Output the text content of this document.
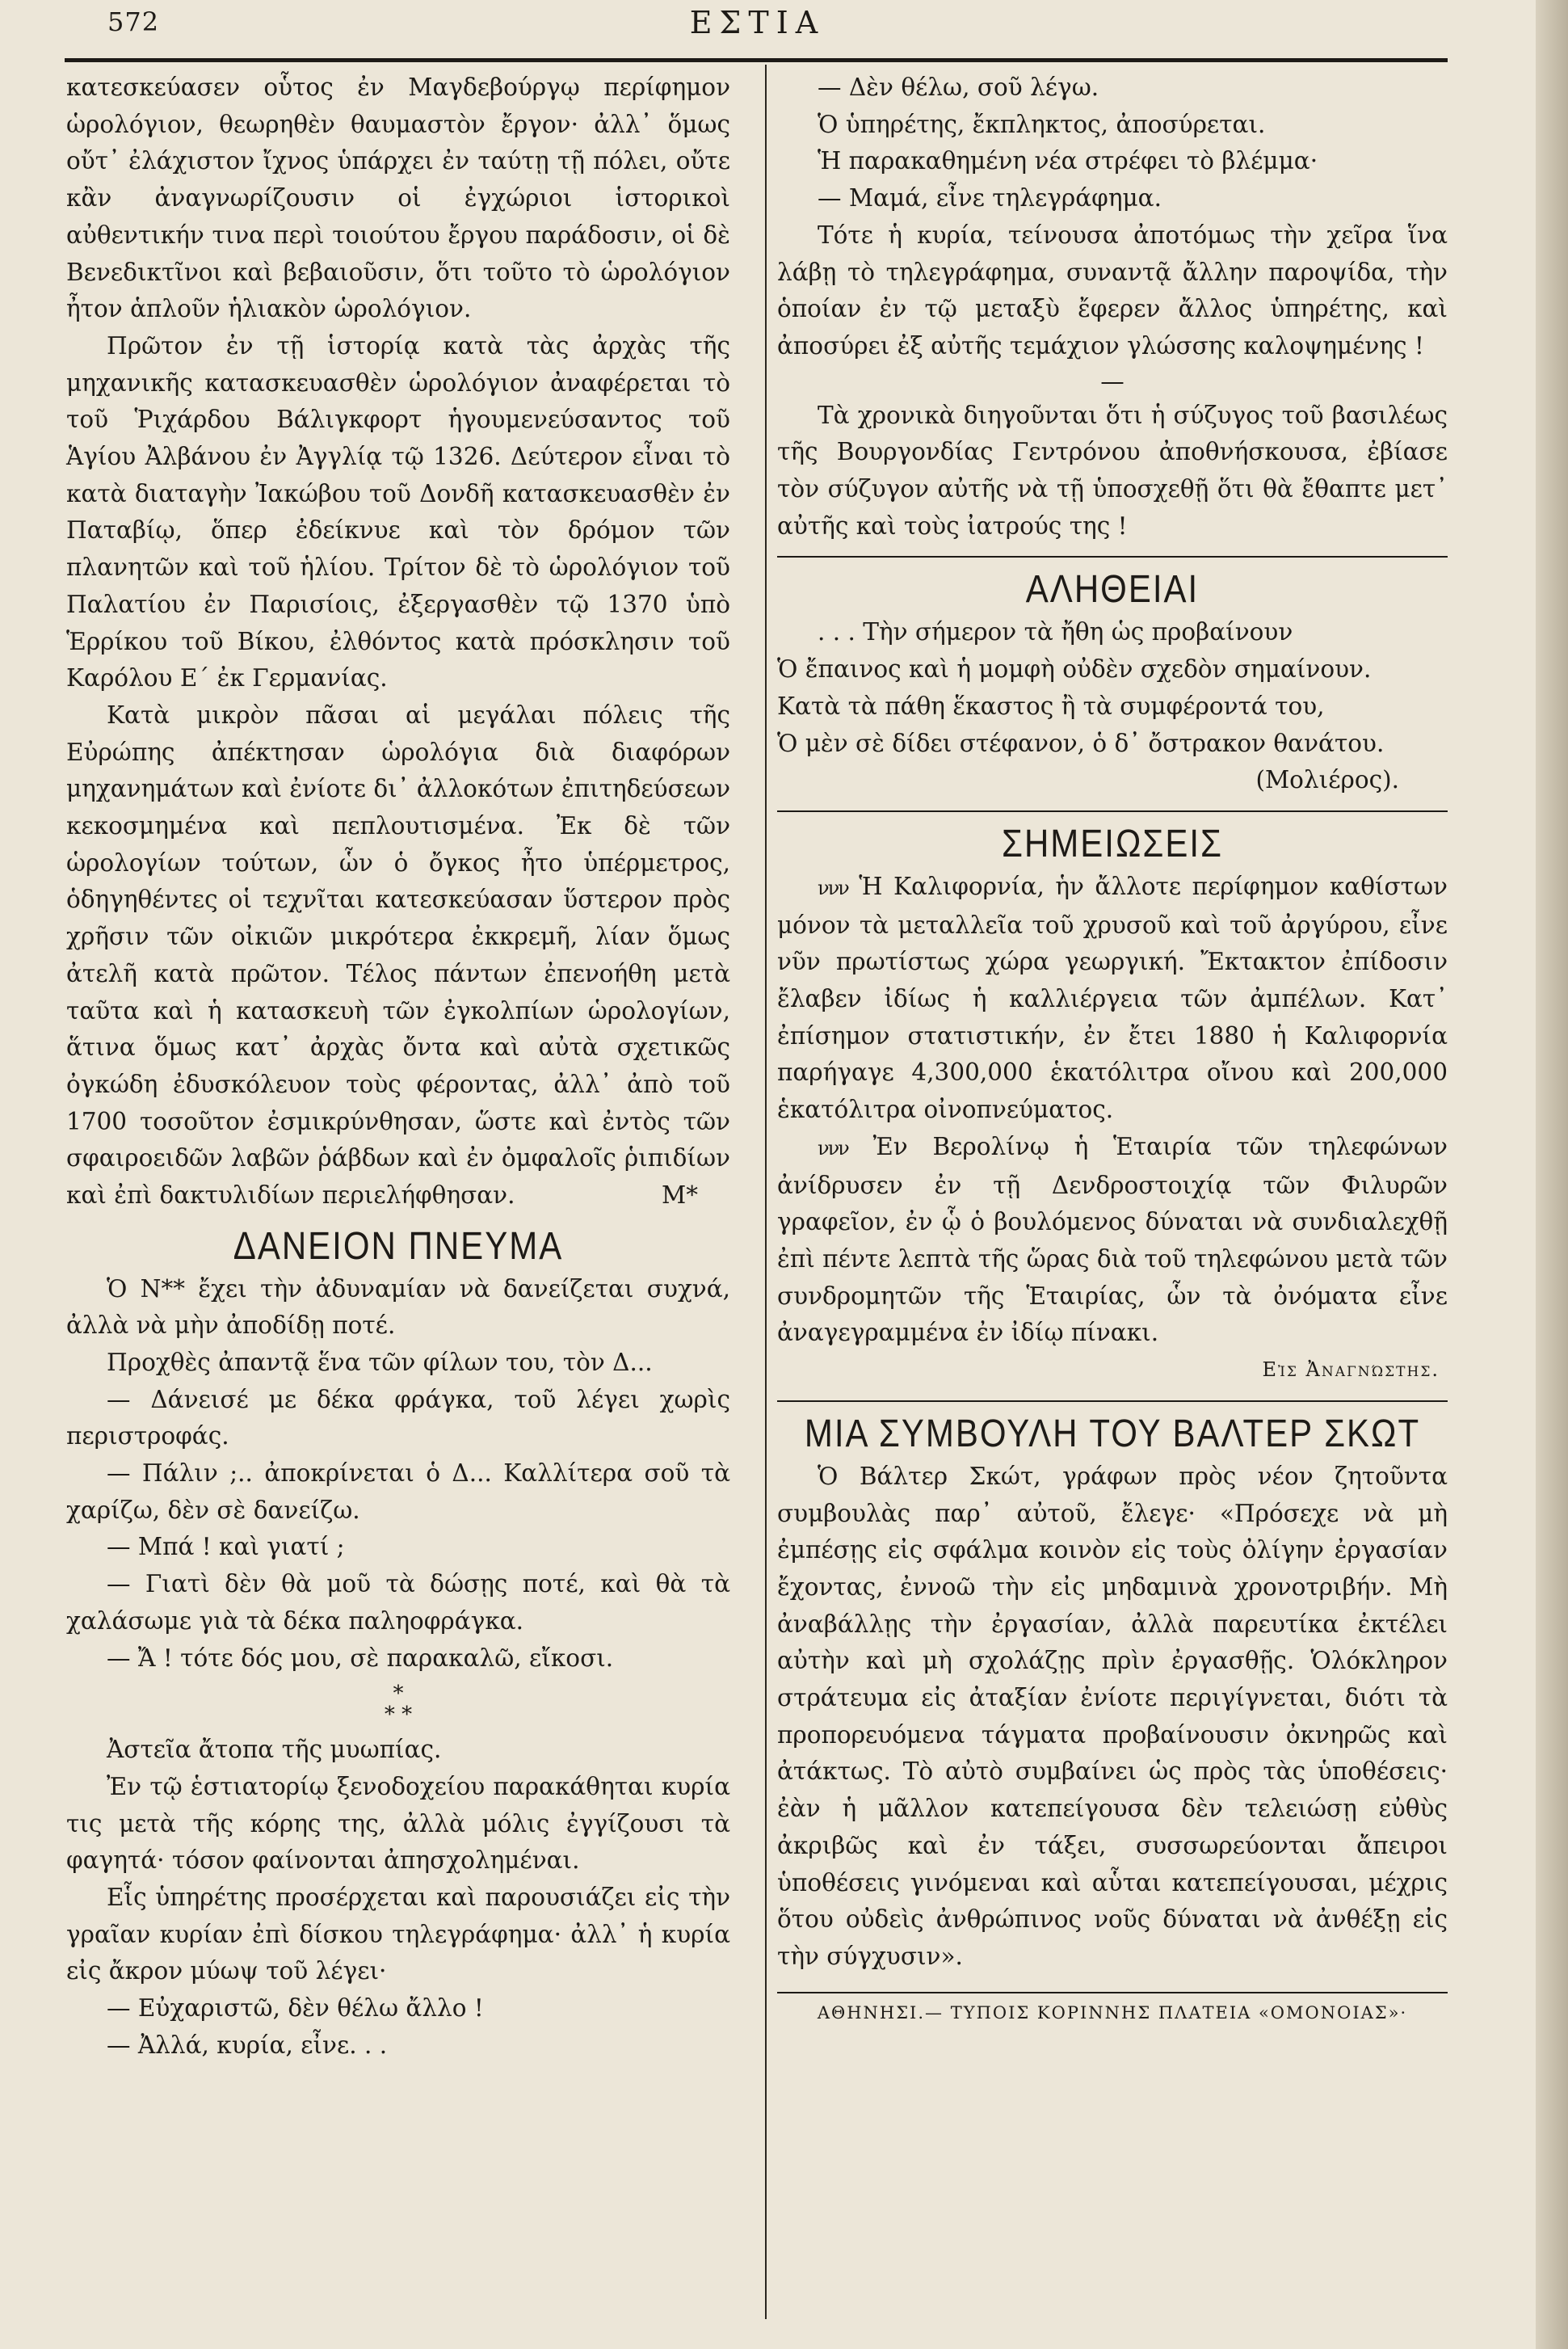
572	ΕΣΤΙΑ

κατεσκεύασεν οὗτος ἐν Μαγδεβούργῳ περίφημον ὡρολόγιον, θεωρηθὲν θαυμαστὸν ἔργον· ἀλλ᾽ ὅμως οὔτ᾽ ἐλάχιστον ἴχνος ὑπάρχει ἐν ταύτῃ τῇ πόλει, οὔτε κἂν ἀναγνωρίζουσιν οἱ ἐγχώριοι ἱστορικοὶ αὐθεντικήν τινα περὶ τοιούτου ἔργου παράδοσιν, οἱ δὲ Βενεδικτῖνοι καὶ βεβαιοῦσιν, ὅτι τοῦτο τὸ ὡρολόγιον ἦτον ἁπλοῦν ἡλιακὸν ὡρολόγιον.

Πρῶτον ἐν τῇ ἱστορίᾳ κατὰ τὰς ἀρχὰς τῆς μηχανικῆς κατασκευασθὲν ὡρολόγιον ἀναφέρεται τὸ τοῦ Ῥιχάρδου Βάλιγκφορτ ἡγουμενεύσαντος τοῦ Ἁγίου Ἀλβάνου ἐν Ἀγγλίᾳ τῷ 1326. Δεύτερον εἶναι τὸ κατὰ διαταγὴν Ἰακώβου τοῦ Δονδῆ κατασκευασθὲν ἐν Παταβίῳ, ὅπερ ἐδείκνυε καὶ τὸν δρόμον τῶν πλανητῶν καὶ τοῦ ἡλίου. Τρίτον δὲ τὸ ὡρολόγιον τοῦ Παλατίου ἐν Παρισίοις, ἐξεργασθὲν τῷ 1370 ὑπὸ Ἑρρίκου τοῦ Βίκου, ἐλθόντος κατὰ πρόσκλησιν τοῦ Καρόλου Ε´ ἐκ Γερμανίας.

Κατὰ μικρὸν πᾶσαι αἱ μεγάλαι πόλεις τῆς Εὐρώπης ἀπέκτησαν ὡρολόγια διὰ διαφόρων μηχανημάτων καὶ ἐνίοτε δι᾽ ἀλλοκότων ἐπιτηδεύσεων κεκοσμημένα καὶ πεπλουτισμένα. Ἐκ δὲ τῶν ὡρολογίων τούτων, ὧν ὁ ὄγκος ἦτο ὑπέρμετρος, ὁδηγηθέντες οἱ τεχνῖται κατεσκεύασαν ὕστερον πρὸς χρῆσιν τῶν οἰκιῶν μικρότερα ἐκκρεμῆ, λίαν ὅμως ἀτελῆ κατὰ πρῶτον. Τέλος πάντων ἐπενοήθη μετὰ ταῦτα καὶ ἡ κατασκευὴ τῶν ἐγκολπίων ὡρολογίων, ἅτινα ὅμως κατ᾽ ἀρχὰς ὄντα καὶ αὐτὰ σχετικῶς ὀγκώδη ἐδυσκόλευον τοὺς φέροντας, ἀλλ᾽ ἀπὸ τοῦ 1700 τοσοῦτον ἐσμικρύνθησαν, ὥστε καὶ ἐντὸς τῶν σφαιροειδῶν λαβῶν ῥάβδων καὶ ἐν ὀμφαλοῖς ῥιπιδίων καὶ ἐπὶ δακτυλιδίων περιελήφθησαν.	Μ*
ΔΑΝΕΙΟΝ ΠΝΕΥΜΑ

Ὁ Ν** ἔχει τὴν ἀδυναμίαν νὰ δανείζεται συχνά, ἀλλὰ νὰ μὴν ἀποδίδῃ ποτέ.

Προχθὲς ἀπαντᾷ ἕνα τῶν φίλων του, τὸν Δ...

— Δάνεισέ με δέκα φράγκα, τοῦ λέγει χωρὶς περιστροφάς.

— Πάλιν ;.. ἀποκρίνεται ὁ Δ... Καλλίτερα σοῦ τὰ χαρίζω, δὲν σὲ δανείζω.

— Μπά ! καὶ γιατί ;

— Γιατὶ δὲν θὰ μοῦ τὰ δώσῃς ποτέ, καὶ θὰ τὰ χαλάσωμε γιὰ τὰ δέκα παληοφράγκα.

— Ἄ ! τότε δός μου, σὲ παρακαλῶ, εἴκοσι.

*
* *

Ἀστεῖα ἄτοπα τῆς μυωπίας.

Ἐν τῷ ἑστιατορίῳ ξενοδοχείου παρακάθηται κυρία τις μετὰ τῆς κόρης της, ἀλλὰ μόλις ἐγγίζουσι τὰ φαγητά· τόσον φαίνονται ἀπησχολημέναι.

Εἷς ὑπηρέτης προσέρχεται καὶ παρουσιάζει εἰς τὴν γραῖαν κυρίαν ἐπὶ δίσκου τηλεγράφημα· ἀλλ᾽ ἡ κυρία εἰς ἄκρον μύωψ τοῦ λέγει·

— Εὐχαριστῶ, δὲν θέλω ἄλλο !

— Ἀλλά, κυρία, εἶνε. . .

— Δὲν θέλω, σοῦ λέγω.

Ὁ ὑπηρέτης, ἔκπληκτος, ἀποσύρεται.

Ἡ παρακαθημένη νέα στρέφει τὸ βλέμμα·

— Μαμά, εἶνε τηλεγράφημα.

Τότε ἡ κυρία, τείνουσα ἀποτόμως τὴν χεῖρα ἵνα λάβῃ τὸ τηλεγράφημα, συναντᾷ ἄλλην παροψίδα, τὴν ὁποίαν ἐν τῷ μεταξὺ ἔφερεν ἄλλος ὑπηρέτης, καὶ ἀποσύρει ἐξ αὐτῆς τεμάχιον γλώσσης καλοψημένης !

—

Τὰ χρονικὰ διηγοῦνται ὅτι ἡ σύζυγος τοῦ βασιλέως τῆς Βουργονδίας Γεντρόνου ἀποθνήσκουσα, ἐβίασε τὸν σύζυγον αὐτῆς νὰ τῇ ὑποσχεθῇ ὅτι θὰ ἔθαπτε μετ᾽ αὐτῆς καὶ τοὺς ἰατρούς της !

ΑΛΗΘΕΙΑΙ

. . . Τὴν σήμερον τὰ ἤθη ὡς προβαίνουν

Ὁ ἔπαινος καὶ ἡ μομφὴ οὐδὲν σχεδὸν σημαίνουν.

Κατὰ τὰ πάθη ἕκαστος ἢ τὰ συμφέροντά του,

Ὁ μὲν σὲ δίδει στέφανον, ὁ δ᾽ ὄστρακον θανάτου.

(Μολιέρος).
ΣΗΜΕΙΩΣΕΙΣ

ννν Ἡ Καλιφορνία, ἡν ἄλλοτε περίφημον καθίστων μόνον τὰ μεταλλεῖα τοῦ χρυσοῦ καὶ τοῦ ἀργύρου, εἶνε νῦν πρωτίστως χώρα γεωργική. Ἔκτακτον ἐπίδοσιν ἔλαβεν ἰδίως ἡ καλλιέργεια τῶν ἀμπέλων. Κατ᾽ ἐπίσημον στατιστικήν, ἐν ἔτει 1880 ἡ Καλιφορνία παρήγαγε 4,300,000 ἑκατόλιτρα οἴνου καὶ 200,000 ἑκατόλιτρα οἰνοπνεύματος.

ννν Ἐν Βερολίνῳ ἡ Ἑταιρία τῶν τηλεφώνων ἀνίδρυσεν ἐν τῇ Δενδροστοιχίᾳ τῶν Φιλυρῶν γραφεῖον, ἐν ᾧ ὁ βουλόμενος δύναται νὰ συνδιαλεχθῇ ἐπὶ πέντε λεπτὰ τῆς ὥρας διὰ τοῦ τηλεφώνου μετὰ τῶν συνδρομητῶν τῆς Ἑταιρίας, ὧν τὰ ὀνόματα εἶνε ἀναγεγραμμένα ἐν ἰδίῳ πίνακι.

Εἰς Ἀναγνώστης.
ΜΙΑ ΣΥΜΒΟΥΛΗ ΤΟΥ ΒΑΛΤΕΡ ΣΚΩΤ

Ὁ Βάλτερ Σκώτ, γράφων πρὸς νέον ζητοῦντα συμβουλὰς παρ᾽ αὐτοῦ, ἔλεγε· «Πρόσεχε νὰ μὴ ἐμπέσῃς εἰς σφάλμα κοινὸν εἰς τοὺς ὀλίγην ἐργασίαν ἔχοντας, ἐννοῶ τὴν εἰς μηδαμινὰ χρονοτριβήν. Μὴ ἀναβάλλῃς τὴν ἐργασίαν, ἀλλὰ παρευτίκα ἐκτέλει αὐτὴν καὶ μὴ σχολάζῃς πρὶν ἐργασθῇς. Ὁλόκληρον στράτευμα εἰς ἀταξίαν ἐνίοτε περιγίγνεται, διότι τὰ προπορευόμενα τάγματα προβαίνουσιν ὀκνηρῶς καὶ ἀτάκτως. Τὸ αὐτὸ συμβαίνει ὡς πρὸς τὰς ὑποθέσεις· ἐὰν ἡ μᾶλλον κατεπείγουσα δὲν τελειώσῃ εὐθὺς ἀκριβῶς καὶ ἐν τάξει, συσσωρεύονται ἄπειροι ὑποθέσεις γινόμεναι καὶ αὗται κατεπείγουσαι, μέχρις ὅτου οὐδεὶς ἀνθρώπινος νοῦς δύναται νὰ ἀνθέξῃ εἰς τὴν σύγχυσιν».

ΑΘΗΝΗΣΙ.— ΤΥΠΟΙΣ ΚΟΡΙΝΝΗΣ ΠΛΑΤΕΙΑ «ΟΜΟΝΟΙΑΣ»·
